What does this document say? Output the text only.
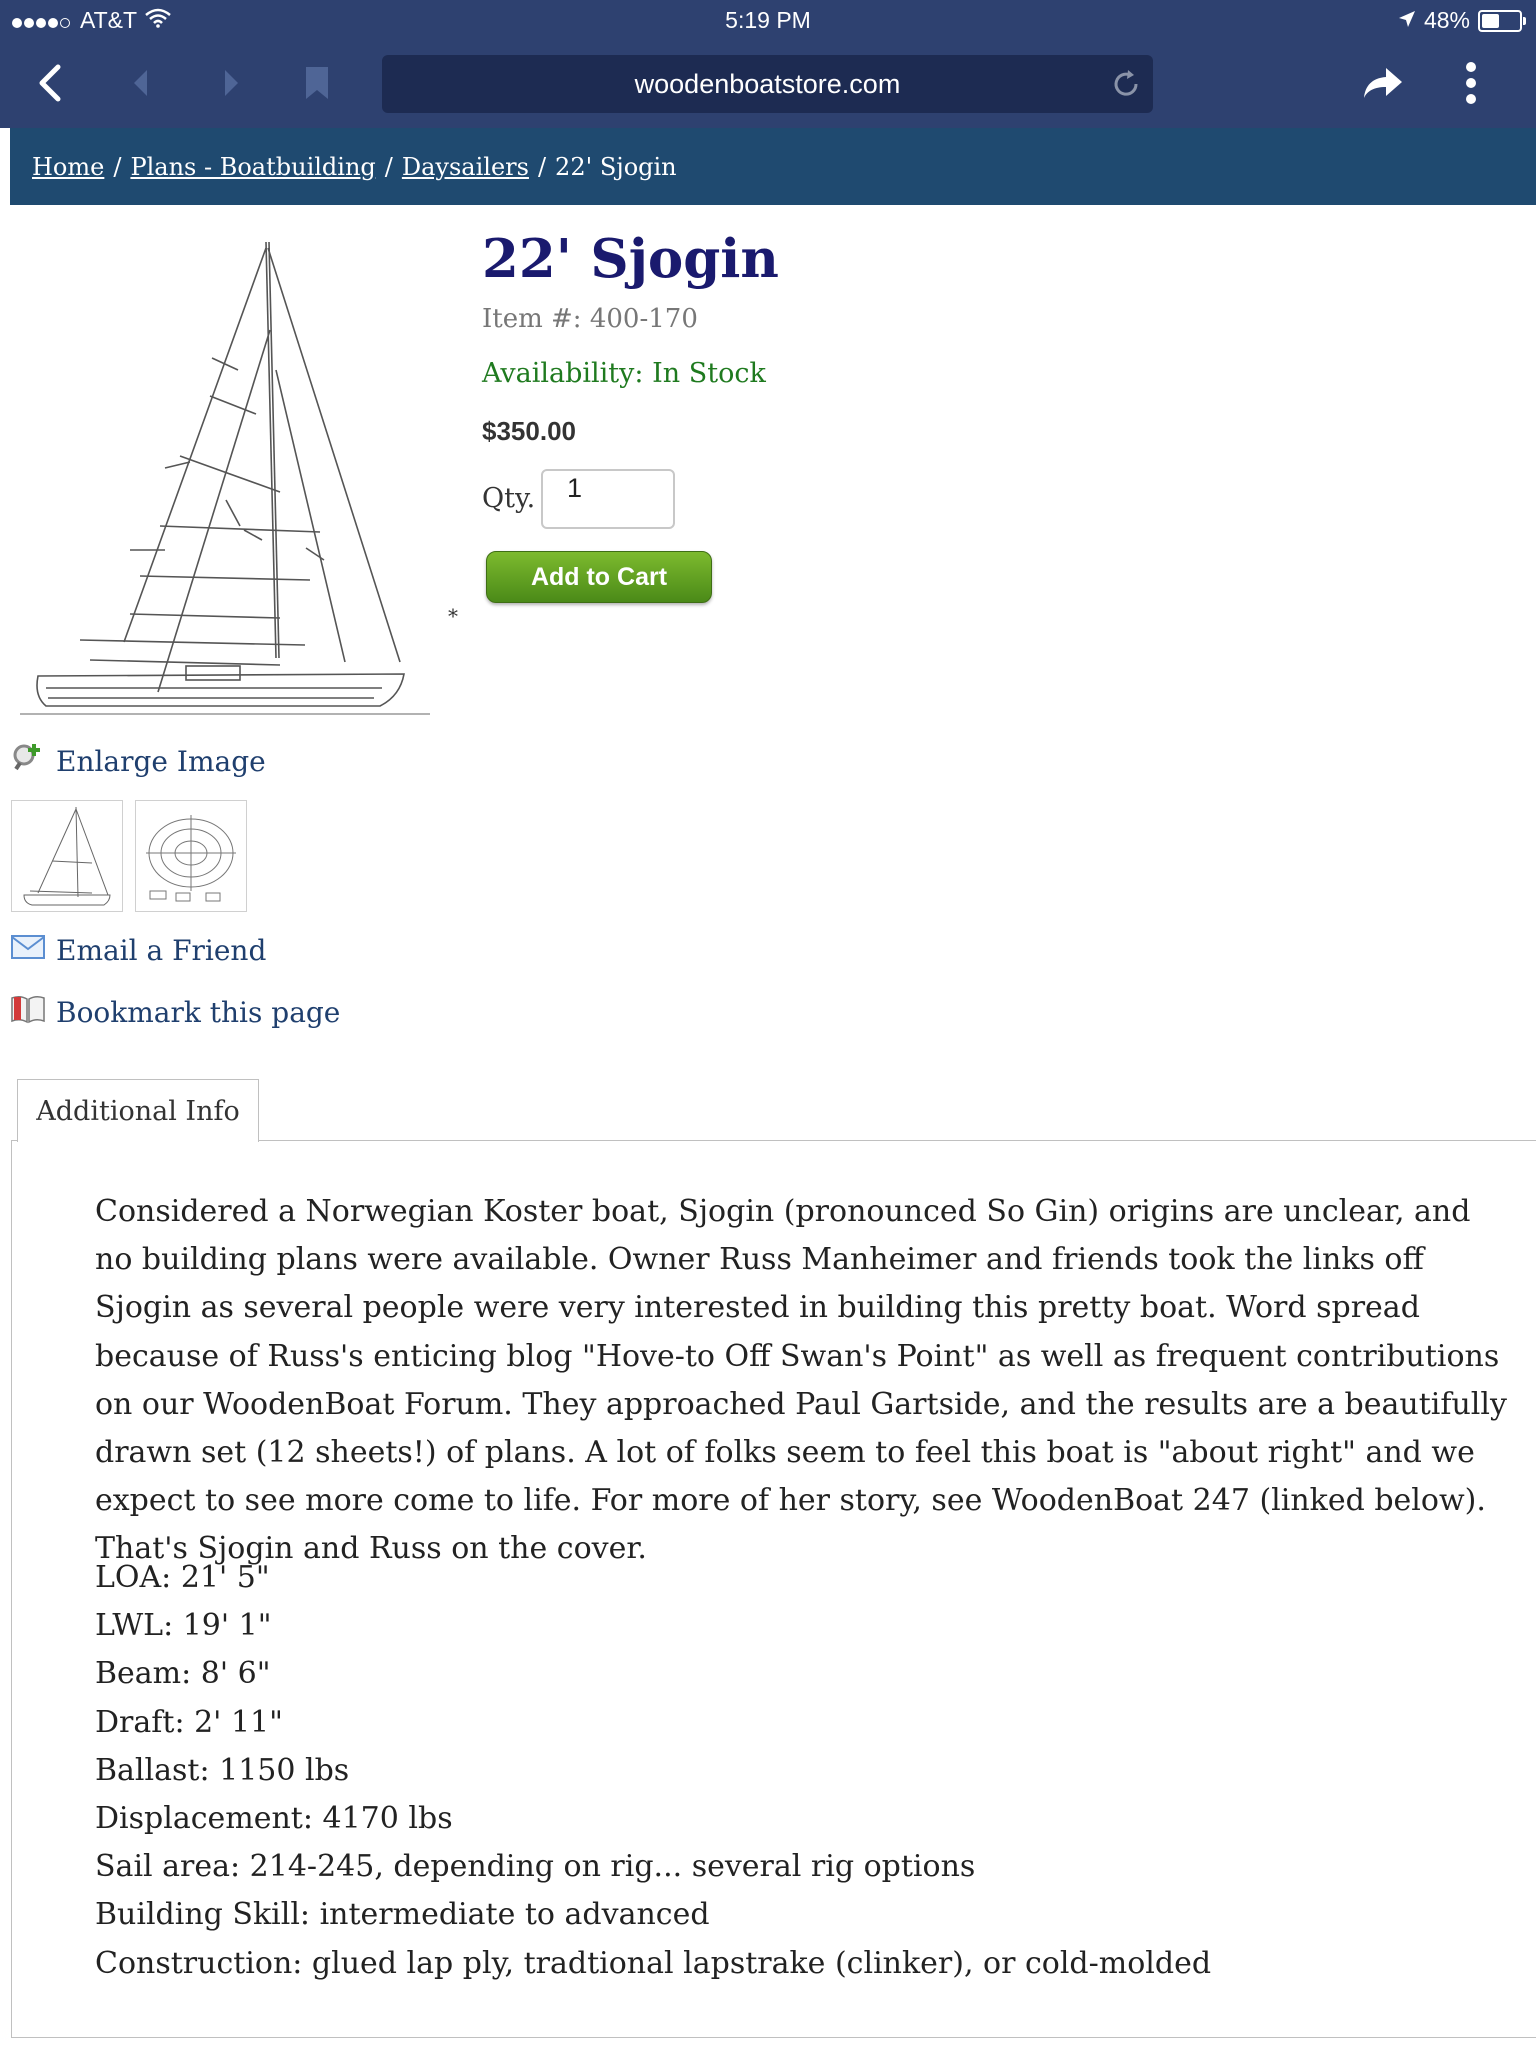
AT&T	5:19 PM	48%
woodenboatstore.com
Home / Plans - Boatbuilding / Daysailers / 22' Sjogin
*
22' Sjogin
Item #: 400-170
Availability: In Stock
$350.00
Qty.	1
Add to Cart
Enlarge Image
Email a Friend
Bookmark this page
Additional Info

Considered a Norwegian Koster boat, Sjogin (pronounced So Gin) origins are unclear, and no building plans were available. Owner Russ Manheimer and friends took the links off Sjogin as several people were very interested in building this pretty boat. Word spread because of Russ's enticing blog "Hove-to Off Swan's Point" as well as frequent contributions on our WoodenBoat Forum. They approached Paul Gartside, and the results are a beautifully drawn set (12 sheets!) of plans. A lot of folks seem to feel this boat is "about right" and we expect to see more come to life. For more of her story, see WoodenBoat 247 (linked below). That's Sjogin and Russ on the cover.

LOA: 21' 5"
LWL: 19' 1"
Beam: 8' 6"
Draft: 2' 11"
Ballast: 1150 lbs
Displacement: 4170 lbs
Sail area: 214-245, depending on rig... several rig options
Building Skill: intermediate to advanced
Construction: glued lap ply, tradtional lapstrake (clinker), or cold-molded
